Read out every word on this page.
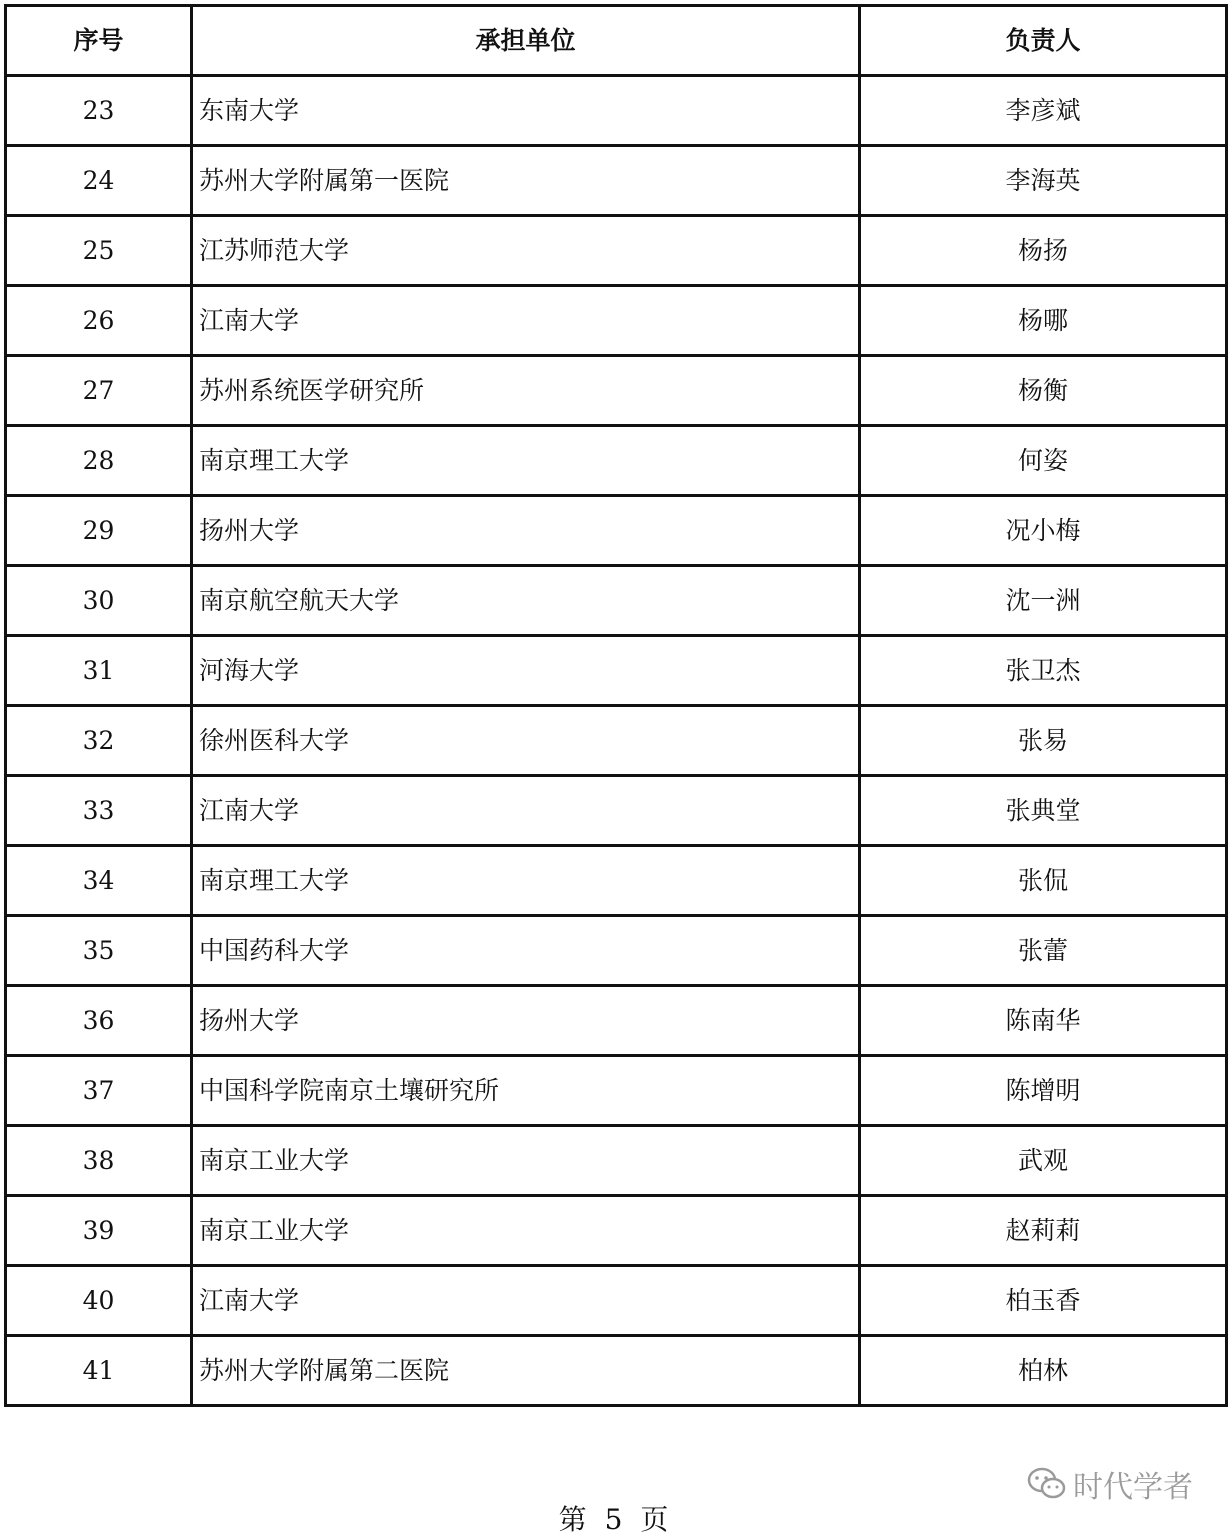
序号	承担单位	负责人
23	东南大学	李彦斌
24	苏州大学附属第一医院	李海英
25	江苏师范大学	杨扬
26	江南大学	杨哪
27	苏州系统医学研究所	杨衡
28	南京理工大学	何姿
29	扬州大学	况小梅
30	南京航空航天大学	沈一洲
31	河海大学	张卫杰
32	徐州医科大学	张易
33	江南大学	张典堂
34	南京理工大学	张侃
35	中国药科大学	张蕾
36	扬州大学	陈南华
37	中国科学院南京土壤研究所	陈增明
38	南京工业大学	武观
39	南京工业大学	赵莉莉
40	江南大学	柏玉香
41	苏州大学附属第二医院	柏林
第 5 页
时代学者
